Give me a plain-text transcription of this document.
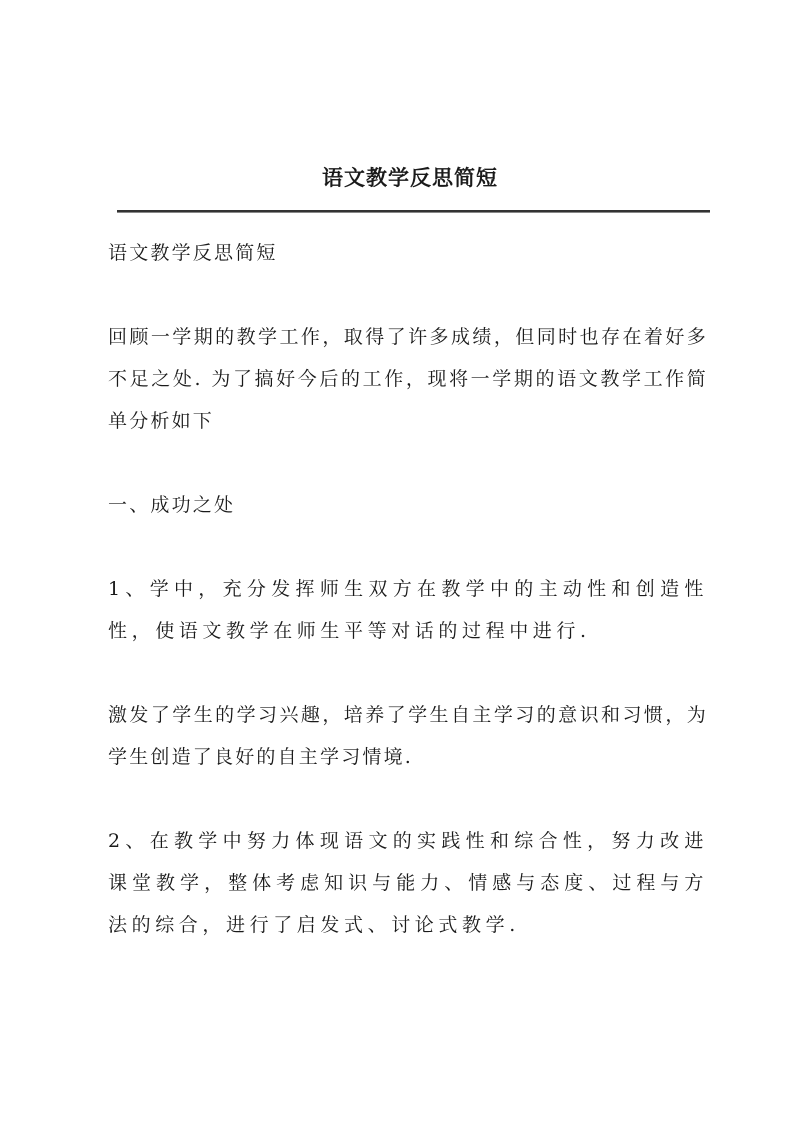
语文教学反思简短

语文教学反思简短

回顾一学期的教学工作，取得了许多成绩，但同时也存在着好多不足之处. 为了搞好今后的工作，现将一学期的语文教学工作简单分析如下

一、成功之处

1、学中，充分发挥师生双方在教学中的主动性和创造性性，使语文教学在师生平等对话的过程中进行.

激发了学生的学习兴趣，培养了学生自主学习的意识和习惯，为学生创造了良好的自主学习情境.

2、在教学中努力体现语文的实践性和综合性，努力改进课堂教学，整体考虑知识与能力、情感与态度、过程与方法的综合，进行了启发式、讨论式教学.
